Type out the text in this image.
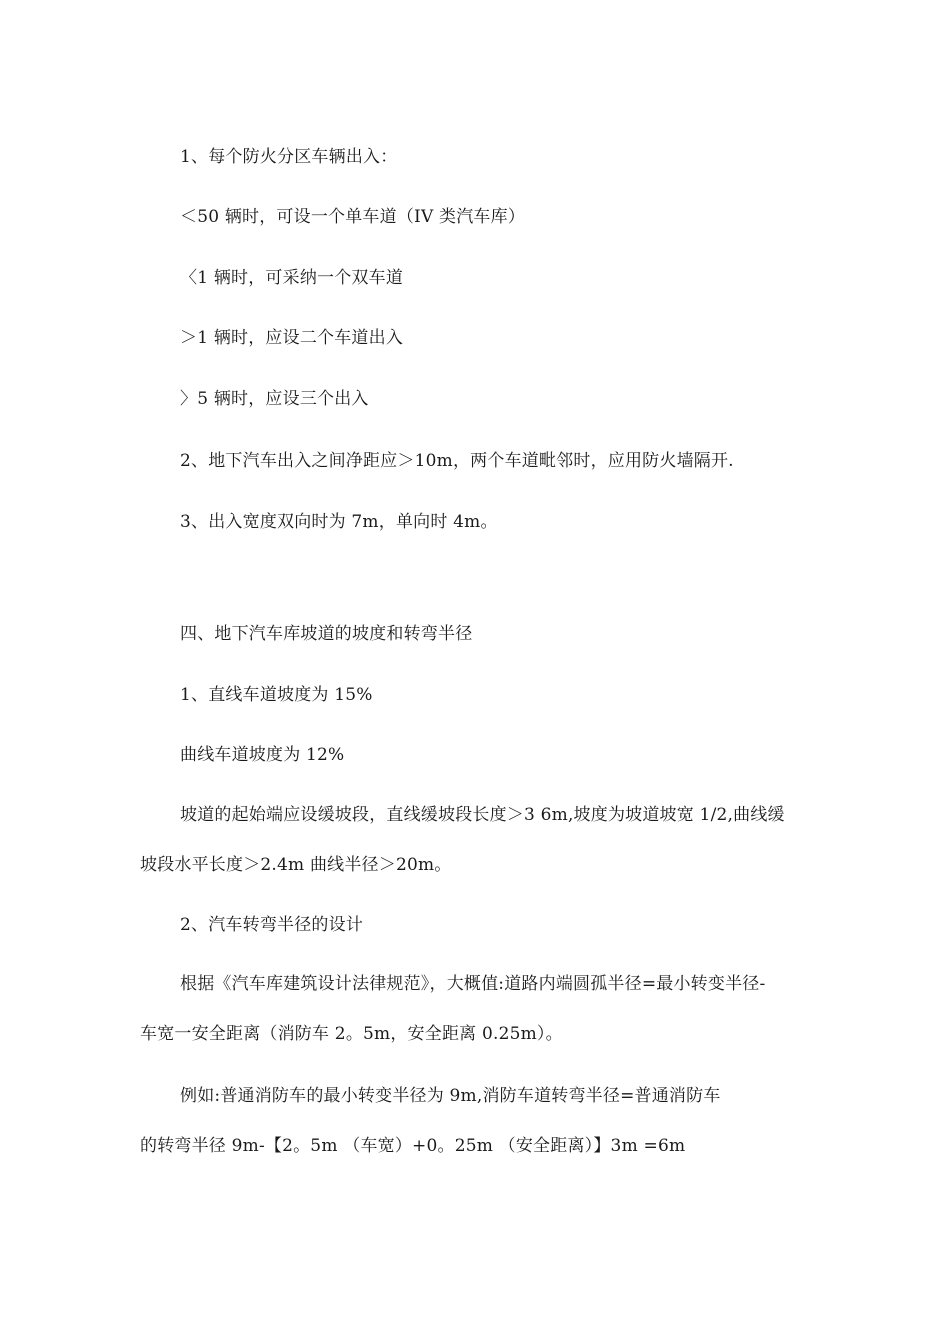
1、每个防火分区车辆出入：
＜50 辆时，可设一个单车道（IV 类汽车库）
〈1 辆时，可采纳一个双车道
＞1 辆时，应设二个车道出入
〉5 辆时，应设三个出入
2、地下汽车出入之间净距应＞10m，两个车道毗邻时，应用防火墙隔开.
3、出入宽度双向时为 7m，单向时 4m。
四、地下汽车库坡道的坡度和转弯半径
1、直线车道坡度为 15%
曲线车道坡度为 12%
坡道的起始端应设缓坡段，直线缓坡段长度＞3 6m,坡度为坡道坡宽 1/2,曲线缓
坡段水平长度＞2.4m 曲线半径＞20m。
2、汽车转弯半径的设计
根据《汽车库建筑设计法律规范》，大概值:道路内端圆孤半径=最小转变半径-
车宽一安全距离（消防车 2。5m，安全距离 0.25m）。
例如:普通消防车的最小转变半径为 9m,消防车道转弯半径=普通消防车
的转弯半径 9m-【2。5m （车宽）+0。25m （安全距离）】3m =6m
